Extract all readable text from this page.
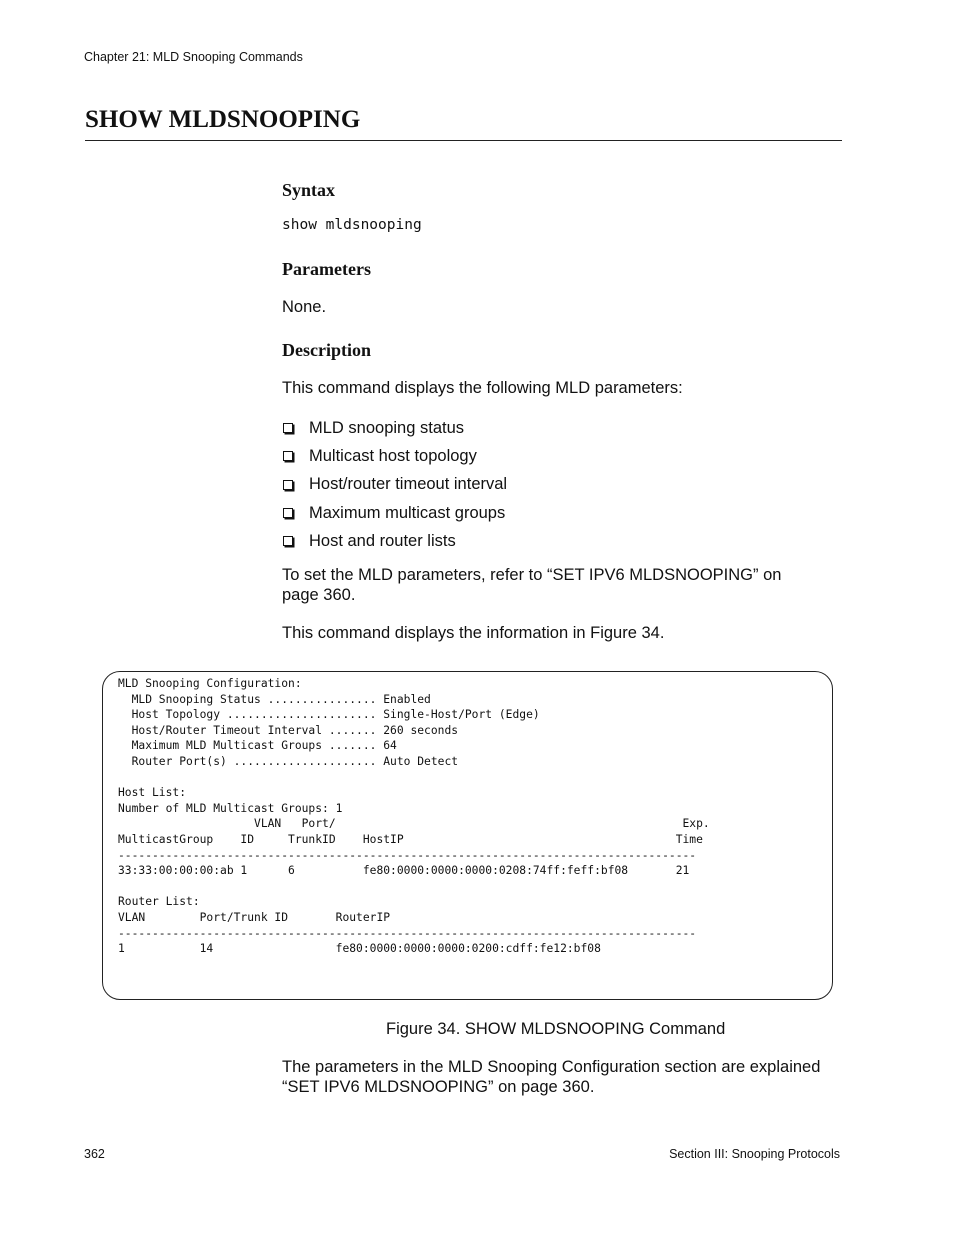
Chapter 21: MLD Snooping Commands
SHOW MLDSNOOPING
Syntax
show mldsnooping
Parameters
None.
Description
This command displays the following MLD parameters:
MLD snooping status
Multicast host topology
Host/router timeout interval
Maximum multicast groups
Host and router lists
To set the MLD parameters, refer to “SET IPV6 MLDSNOOPING” on
page 360.
This command displays the information in Figure 34.
MLD Snooping Configuration:
MLD Snooping Status ................ Enabled
Host Topology ...................... Single-Host/Port (Edge)
Host/Router Timeout Interval ....... 260 seconds
Maximum MLD Multicast Groups ....... 64
Router Port(s) ..................... Auto Detect

Host List:
Number of MLD Multicast Groups: 1
VLAN   Port/                                                   Exp.
MulticastGroup    ID     TrunkID    HostIP                                        Time
-------------------------------------------------------------------------------------
33:33:00:00:00:ab 1      6          fe80:0000:0000:0000:0208:74ff:feff:bf08       21

Router List:
VLAN        Port/Trunk ID       RouterIP
-------------------------------------------------------------------------------------
1           14                  fe80:0000:0000:0000:0200:cdff:fe12:bf08
Figure 34. SHOW MLDSNOOPING Command
The parameters in the MLD Snooping Configuration section are explained
“SET IPV6 MLDSNOOPING” on page 360.
362	Section III: Snooping Protocols
